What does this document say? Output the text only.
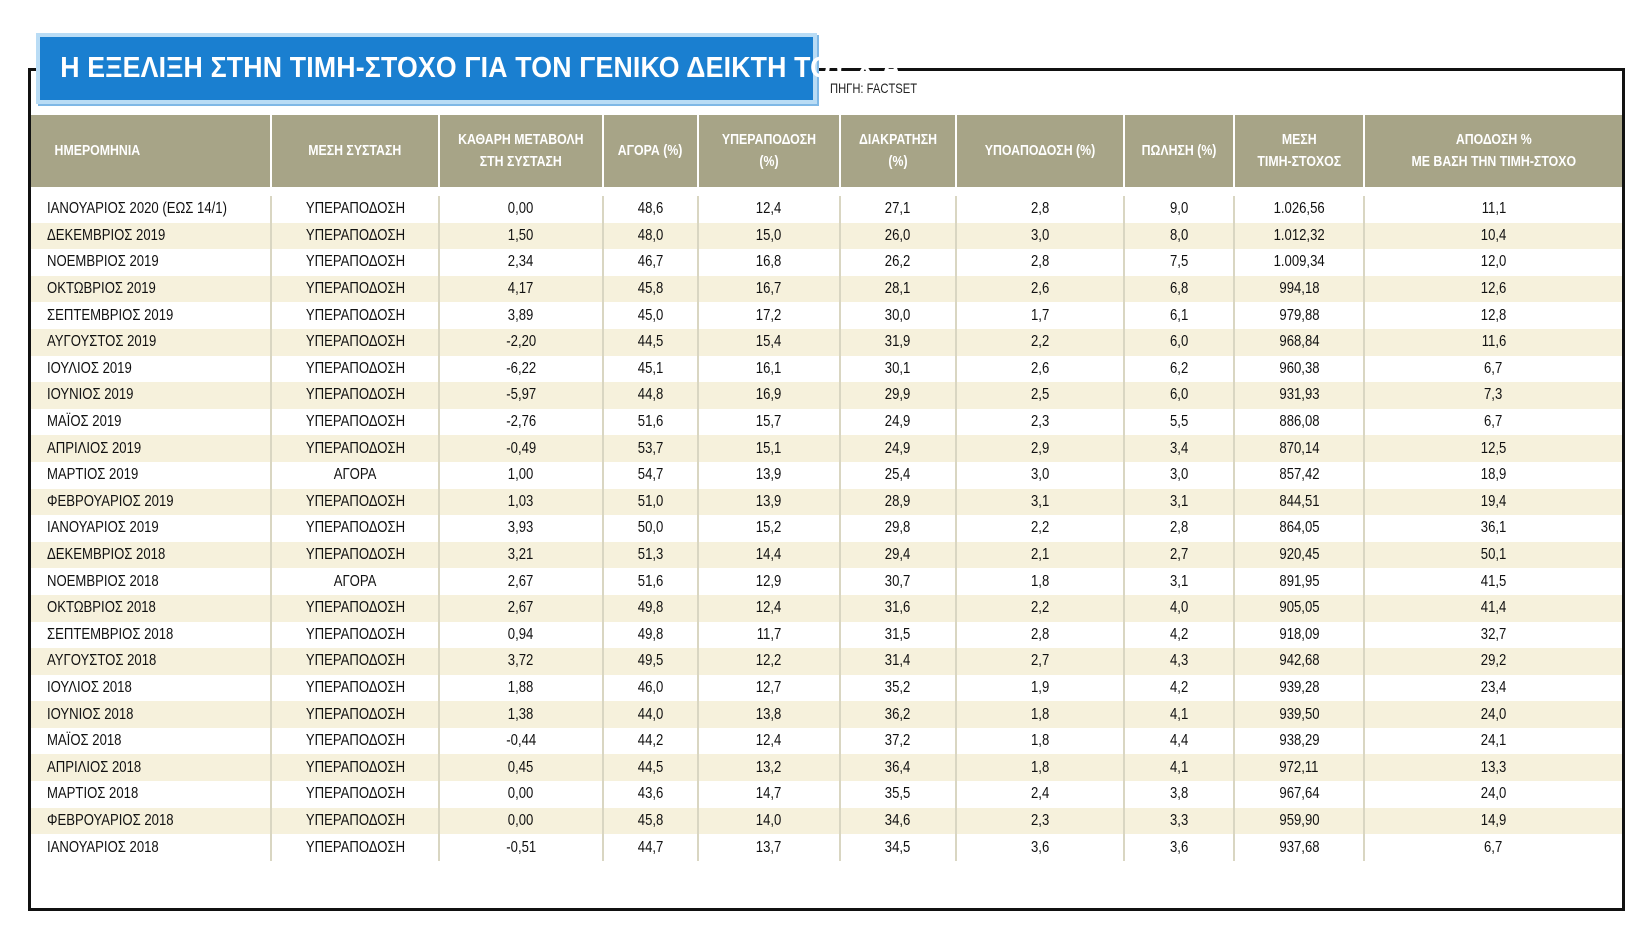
Η ΕΞΕΛΙΞΗ ΣΤΗΝ ΤΙΜΗ-ΣΤΟΧΟ ΓΙΑ ΤΟΝ ΓΕΝΙΚΟ ΔΕΙΚΤΗ ΤΟΥ Χ.Α.
ΠΗΓΗ: FACTSET
ΗΜΕΡΟΜΗΝΙΑ	ΜΕΣΗ ΣΥΣΤΑΣΗ	ΚΑΘΑΡΗ ΜΕΤΑΒΟΛΗ
ΣΤΗ ΣΥΣΤΑΣΗ	ΑΓΟΡΑ (%)	ΥΠΕΡΑΠΟΔΟΣΗ (%)	ΔΙΑΚΡΑΤΗΣΗ (%)	ΥΠΟΑΠΟΔΟΣΗ (%)	ΠΩΛΗΣΗ (%)	ΜΕΣΗ
ΤΙΜΗ-ΣΤΟΧΟΣ	ΑΠΟΔΟΣΗ %
ΜΕ ΒΑΣΗ ΤΗΝ ΤΙΜΗ-ΣΤΟΧΟ

ΙΑΝΟΥΑΡΙΟΣ 2020 (ΕΩΣ 14/1)	ΥΠΕΡΑΠΟΔΟΣΗ	0,00	48,6	12,4	27,1	2,8	9,0	1.026,56	11,1
ΔΕΚΕΜΒΡΙΟΣ 2019	ΥΠΕΡΑΠΟΔΟΣΗ	1,50	48,0	15,0	26,0	3,0	8,0	1.012,32	10,4
ΝΟΕΜΒΡΙΟΣ 2019	ΥΠΕΡΑΠΟΔΟΣΗ	2,34	46,7	16,8	26,2	2,8	7,5	1.009,34	12,0
ΟΚΤΩΒΡΙΟΣ 2019	ΥΠΕΡΑΠΟΔΟΣΗ	4,17	45,8	16,7	28,1	2,6	6,8	994,18	12,6
ΣΕΠΤΕΜΒΡΙΟΣ 2019	ΥΠΕΡΑΠΟΔΟΣΗ	3,89	45,0	17,2	30,0	1,7	6,1	979,88	12,8
ΑΥΓΟΥΣΤΟΣ 2019	ΥΠΕΡΑΠΟΔΟΣΗ	-2,20	44,5	15,4	31,9	2,2	6,0	968,84	11,6
ΙΟΥΛΙΟΣ 2019	ΥΠΕΡΑΠΟΔΟΣΗ	-6,22	45,1	16,1	30,1	2,6	6,2	960,38	6,7
ΙΟΥΝΙΟΣ 2019	ΥΠΕΡΑΠΟΔΟΣΗ	-5,97	44,8	16,9	29,9	2,5	6,0	931,93	7,3
ΜΑΪΟΣ 2019	ΥΠΕΡΑΠΟΔΟΣΗ	-2,76	51,6	15,7	24,9	2,3	5,5	886,08	6,7
ΑΠΡΙΛΙΟΣ 2019	ΥΠΕΡΑΠΟΔΟΣΗ	-0,49	53,7	15,1	24,9	2,9	3,4	870,14	12,5
ΜΑΡΤΙΟΣ 2019	ΑΓΟΡΑ	1,00	54,7	13,9	25,4	3,0	3,0	857,42	18,9
ΦΕΒΡΟΥΑΡΙΟΣ 2019	ΥΠΕΡΑΠΟΔΟΣΗ	1,03	51,0	13,9	28,9	3,1	3,1	844,51	19,4
ΙΑΝΟΥΑΡΙΟΣ 2019	ΥΠΕΡΑΠΟΔΟΣΗ	3,93	50,0	15,2	29,8	2,2	2,8	864,05	36,1
ΔΕΚΕΜΒΡΙΟΣ 2018	ΥΠΕΡΑΠΟΔΟΣΗ	3,21	51,3	14,4	29,4	2,1	2,7	920,45	50,1
ΝΟΕΜΒΡΙΟΣ 2018	ΑΓΟΡΑ	2,67	51,6	12,9	30,7	1,8	3,1	891,95	41,5
ΟΚΤΩΒΡΙΟΣ 2018	ΥΠΕΡΑΠΟΔΟΣΗ	2,67	49,8	12,4	31,6	2,2	4,0	905,05	41,4
ΣΕΠΤΕΜΒΡΙΟΣ 2018	ΥΠΕΡΑΠΟΔΟΣΗ	0,94	49,8	11,7	31,5	2,8	4,2	918,09	32,7
ΑΥΓΟΥΣΤΟΣ 2018	ΥΠΕΡΑΠΟΔΟΣΗ	3,72	49,5	12,2	31,4	2,7	4,3	942,68	29,2
ΙΟΥΛΙΟΣ 2018	ΥΠΕΡΑΠΟΔΟΣΗ	1,88	46,0	12,7	35,2	1,9	4,2	939,28	23,4
ΙΟΥΝΙΟΣ 2018	ΥΠΕΡΑΠΟΔΟΣΗ	1,38	44,0	13,8	36,2	1,8	4,1	939,50	24,0
ΜΑΪΟΣ 2018	ΥΠΕΡΑΠΟΔΟΣΗ	-0,44	44,2	12,4	37,2	1,8	4,4	938,29	24,1
ΑΠΡΙΛΙΟΣ 2018	ΥΠΕΡΑΠΟΔΟΣΗ	0,45	44,5	13,2	36,4	1,8	4,1	972,11	13,3
ΜΑΡΤΙΟΣ 2018	ΥΠΕΡΑΠΟΔΟΣΗ	0,00	43,6	14,7	35,5	2,4	3,8	967,64	24,0
ΦΕΒΡΟΥΑΡΙΟΣ 2018	ΥΠΕΡΑΠΟΔΟΣΗ	0,00	45,8	14,0	34,6	2,3	3,3	959,90	14,9
ΙΑΝΟΥΑΡΙΟΣ 2018	ΥΠΕΡΑΠΟΔΟΣΗ	-0,51	44,7	13,7	34,5	3,6	3,6	937,68	6,7
